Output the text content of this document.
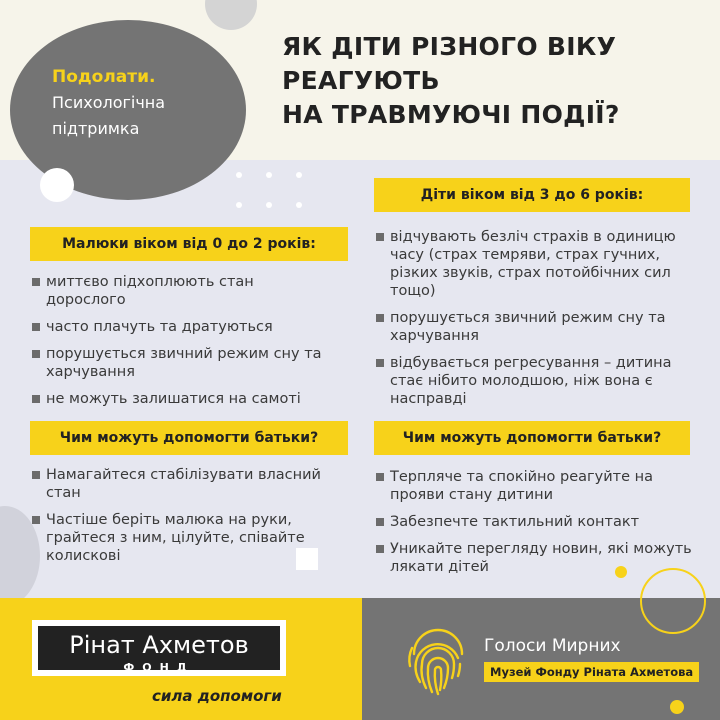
Подолати.
Психологічна
підтримка
ЯК ДІТИ РІЗНОГО ВІКУ
РЕАГУЮТЬ
НА ТРАВМУЮЧІ ПОДІЇ?
Діти віком від 3 до 6 років:
Малюки віком від 0 до 2 років:
миттєво підхоплюють стан дорослого
часто плачуть та дратуються
порушується звичний режим сну та харчування
не можуть залишатися на самоті
відчувають безліч страхів в одиницю часу (страх темряви, страх гучних, різких звуків, страх потойбічних сил тощо)
порушується звичний режим сну та харчування
відбувається регресування – дитина стає нібито молодшою, ніж вона є насправді
Чим можуть допомогти батьки?	Чим можуть допомогти батьки?
Намагайтеся стабілізувати власний стан
Частіше беріть малюка на руки, грайтеся з ним, цілуйте, співайте колискові
Терпляче та спокійно реагуйте на прояви стану дитини
Забезпечте тактильний контакт
Уникайте перегляду новин, які можуть лякати дітей
Рінат Ахметов
ФОНД
сила допомоги
Голоси Мирних
Музей Фонду Ріната Ахметова
